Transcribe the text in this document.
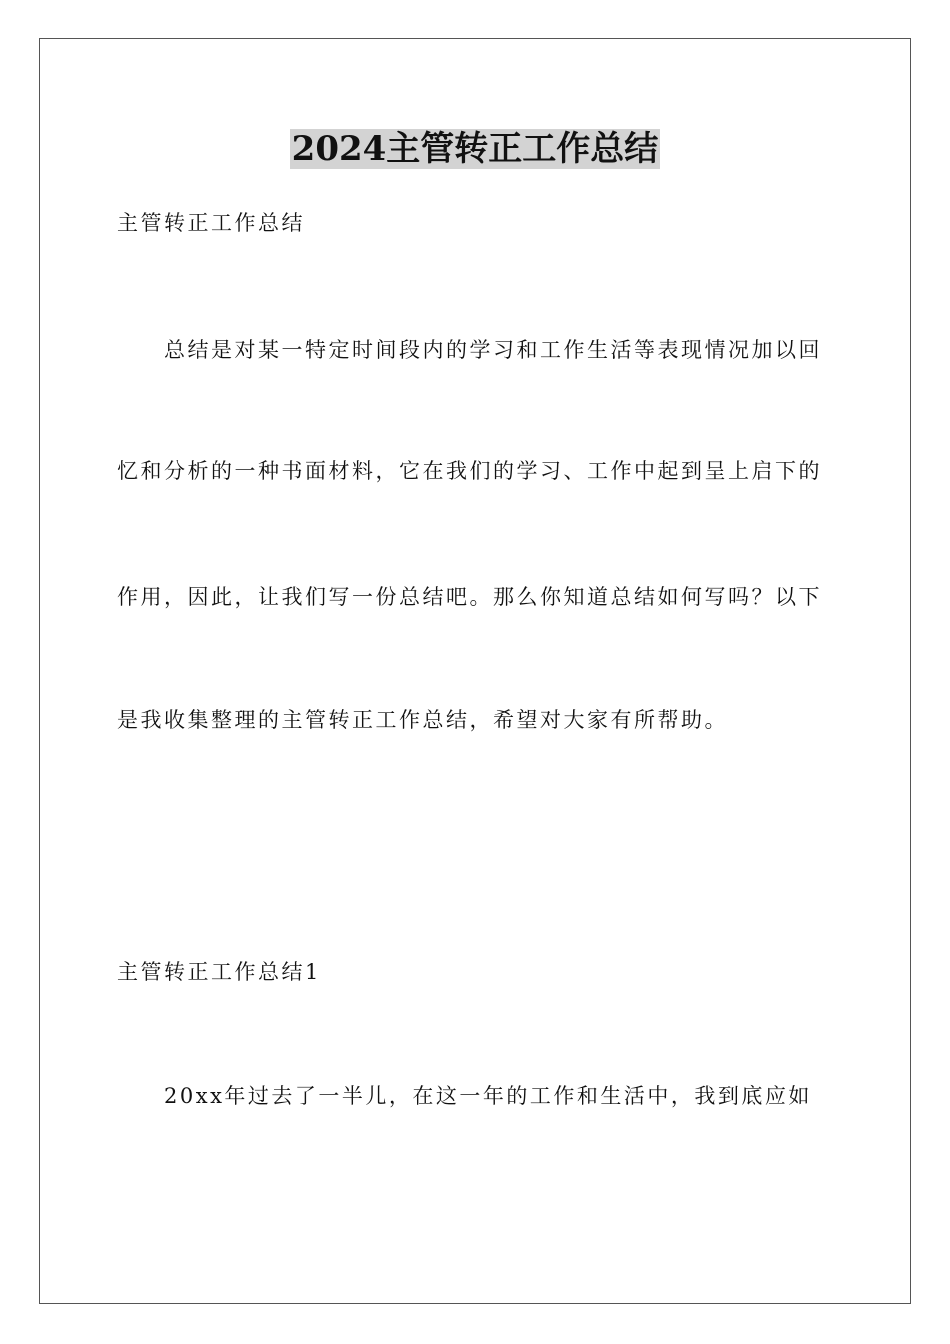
2024主管转正工作总结
主管转正工作总结
总结是对某一特定时间段内的学习和工作生活等表现情况加以回
忆和分析的一种书面材料，它在我们的学习、工作中起到呈上启下的
作用，因此，让我们写一份总结吧。那么你知道总结如何写吗？以下
是我收集整理的主管转正工作总结，希望对大家有所帮助。
主管转正工作总结1
20xx年过去了一半儿，在这一年的工作和生活中，我到底应如
